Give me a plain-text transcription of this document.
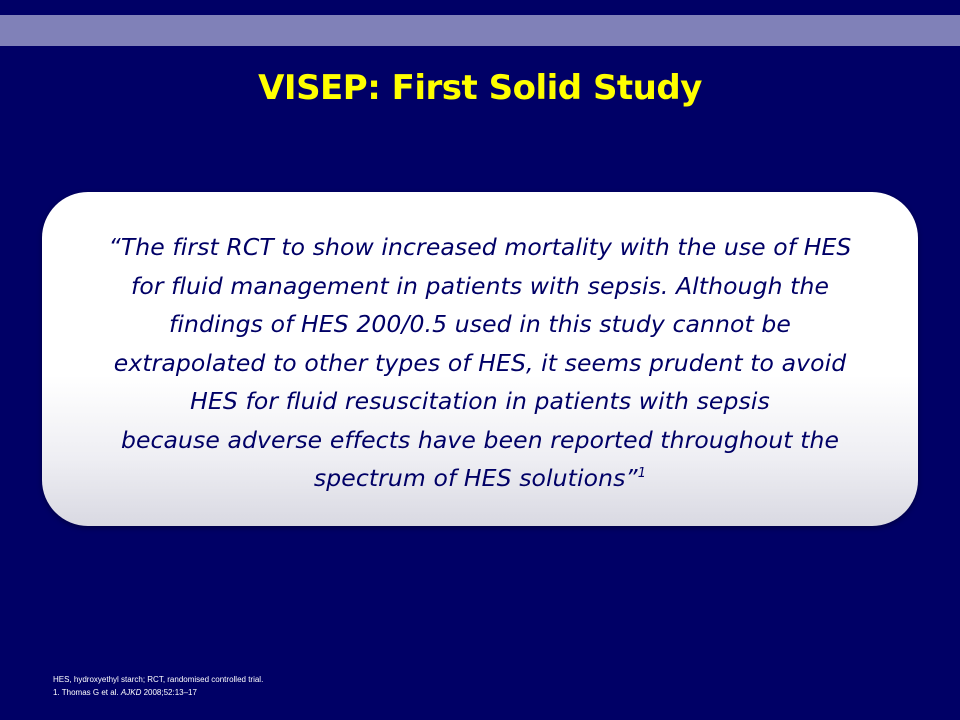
VISEP: First Solid Study
“The first RCT to show increased mortality with the use of HES
for fluid management in patients with sepsis. Although the
findings of HES 200/0.5 used in this study cannot be
extrapolated to other types of HES, it seems prudent to avoid
HES for fluid resuscitation in patients with sepsis
because adverse effects have been reported throughout the
spectrum of HES solutions”$^1$
HES, hydroxyethyl starch; RCT, randomised controlled trial.
1. Thomas G et al. AJKD 2008;52:13–17
